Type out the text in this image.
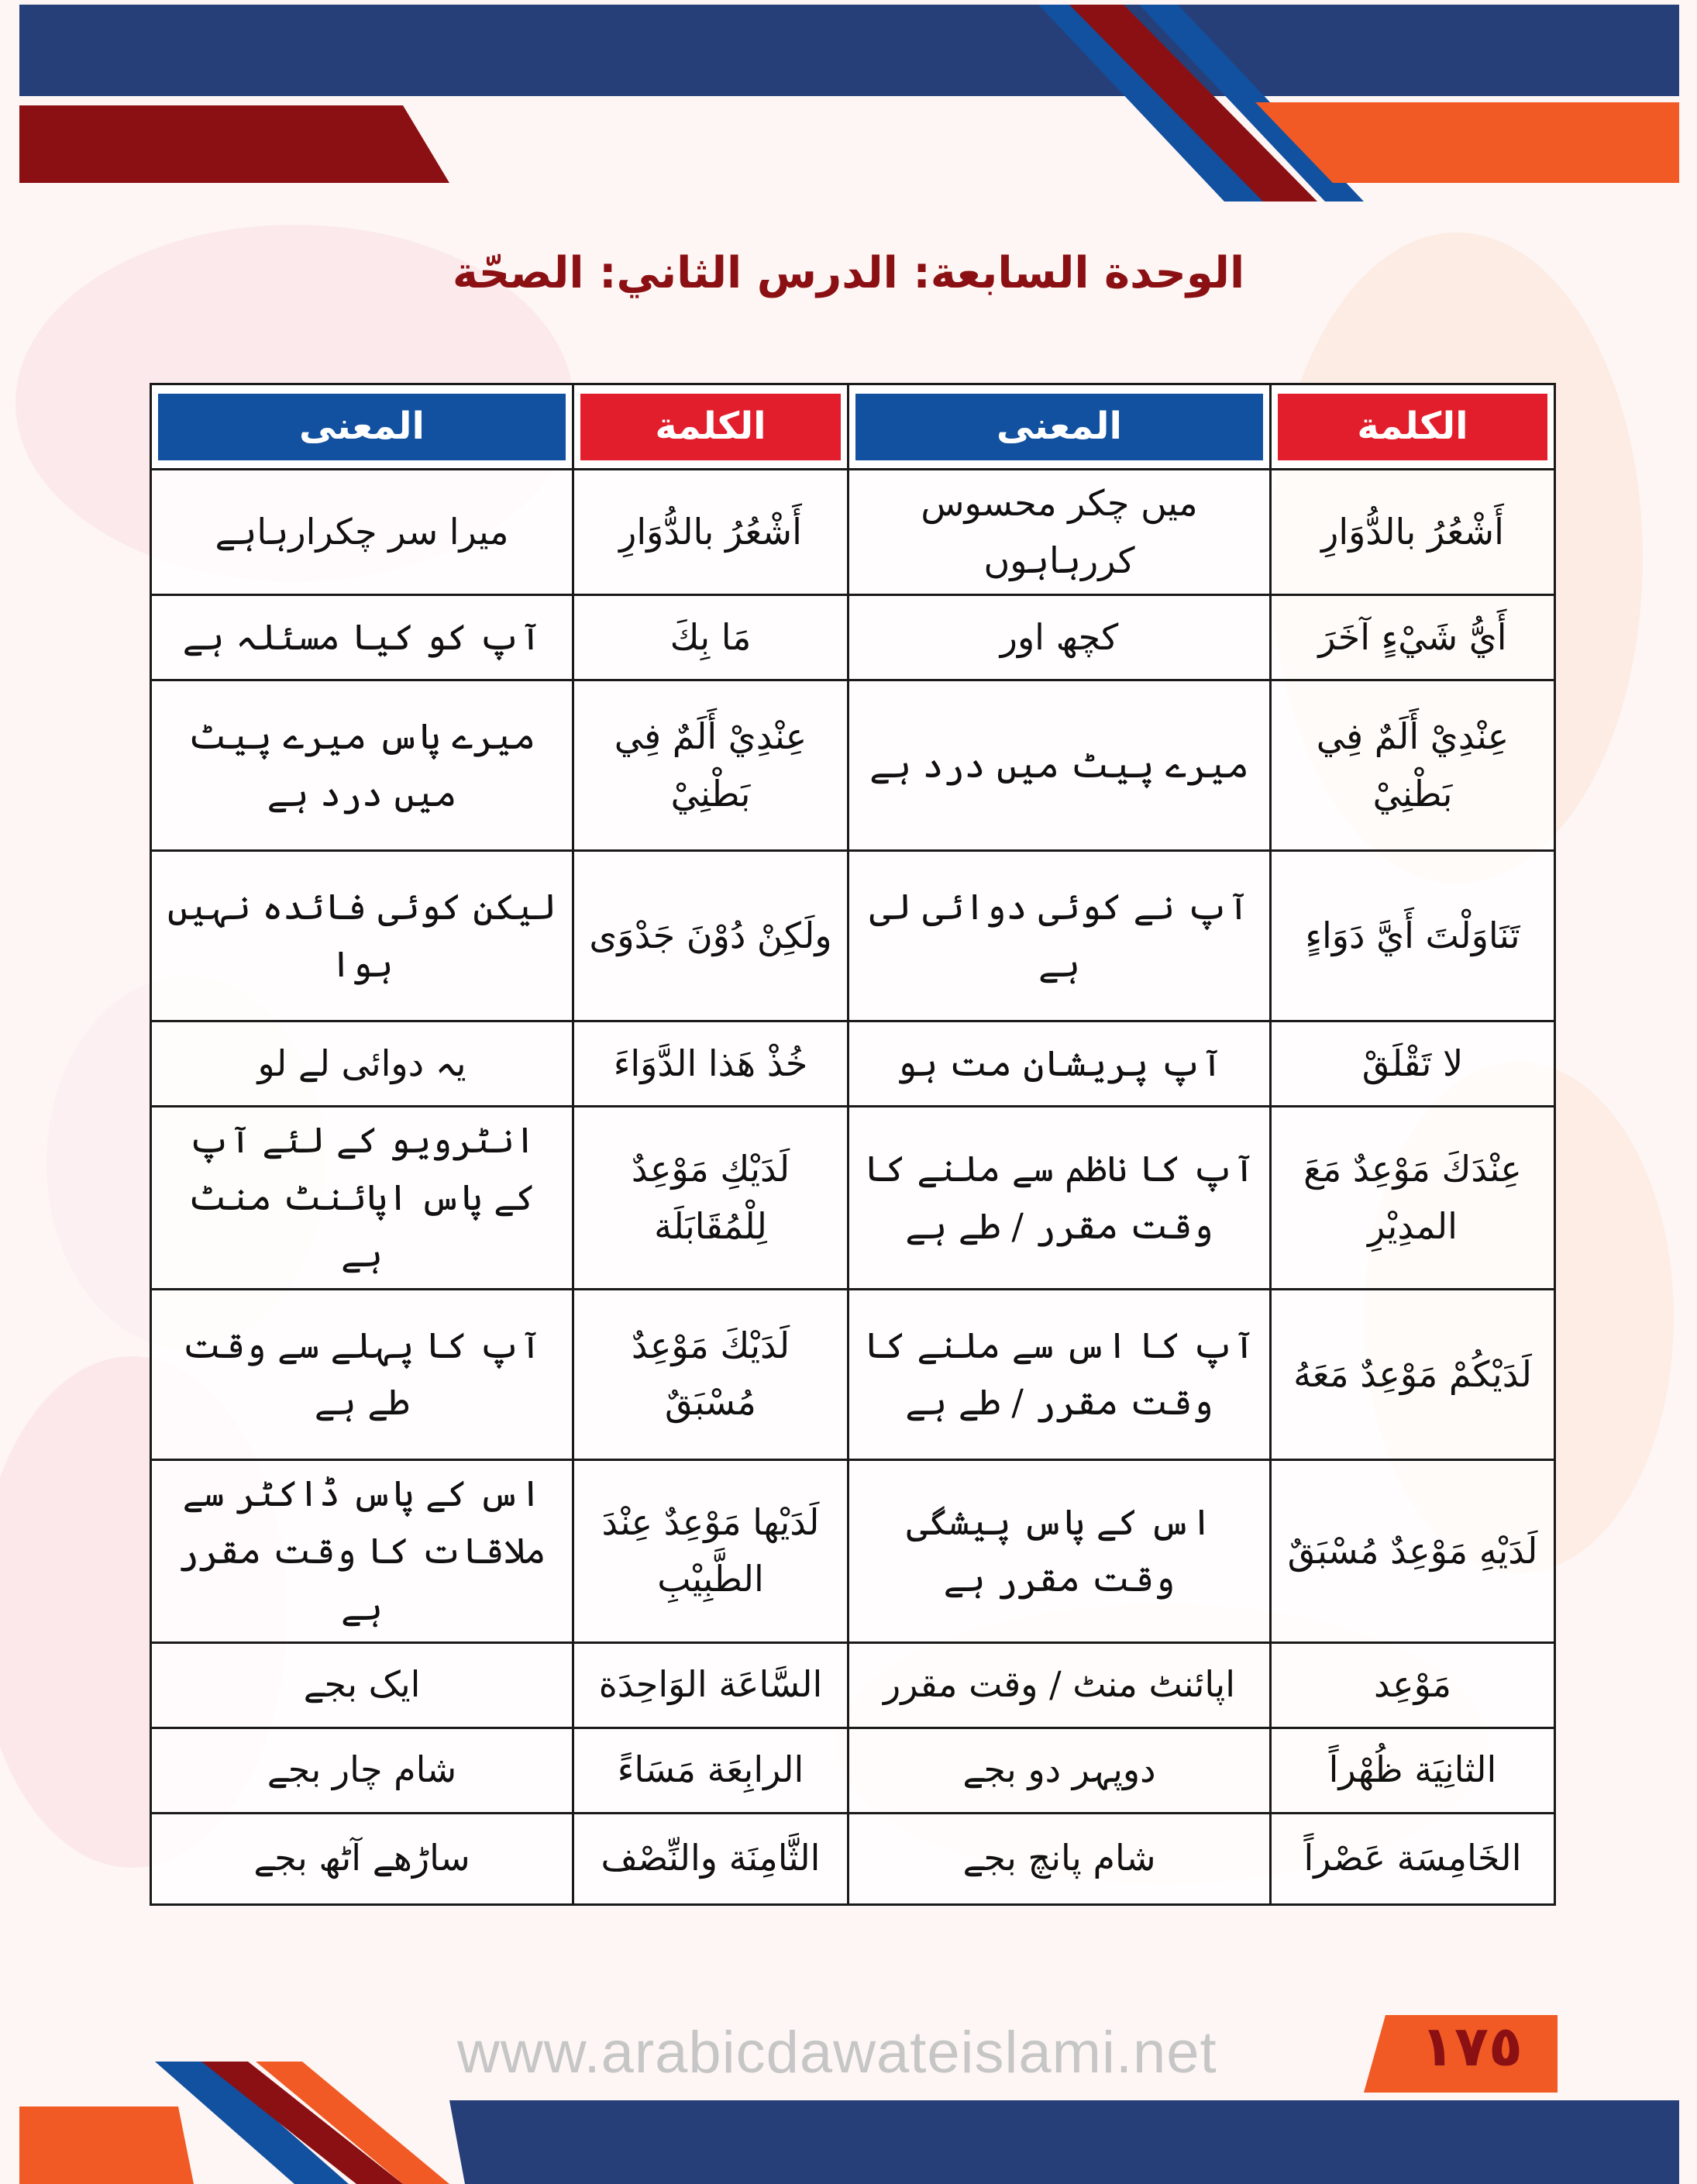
الوحدة السابعة: الدرس الثاني: الصحّة
المعنى	الكلمة	المعنى	الكلمة

میرا سر چکرارہاہے	أَشْعُرُ بالدُّوَارِ	میں چکر محسوس کررہاہوں	أَشْعُرُ بالدُّوَارِ
آپ کو کیا مسئلہ ہے	مَا بِكَ	کچھ اور	أَيُّ شَيْءٍ آخَرَ
میرے پاس میرے پیٹ میں درد ہے	عِنْدِيْ أَلَمٌ فِي بَطْنِيْ	میرے پیٹ میں درد ہے	عِنْدِيْ أَلَمٌ فِي بَطْنِيْ
لیکن کوئی فائدہ نہیں ہوا	ولَكِنْ دُوْنَ جَدْوَى	آپ نے کوئی دوائی لی ہے	تَنَاوَلْتَ أَيَّ دَوَاءٍ
یہ دوائی لے لو	خُذْ هَذا الدَّوَاءَ	آپ پریشان مت ہو	لا تَقْلَقْ
انٹرویو کے لئے آپ کے پاس اپائنٹ منٹ ہے	لَدَيْكِ مَوْعِدٌ لِلْمُقَابَلَة	آپ کا ناظم سے ملنے کا وقت مقرر / طے ہے	عِنْدَكَ مَوْعِدٌ مَعَ المدِيْرِ
آپ کا پہلے سے وقت طے ہے	لَدَيْكَ مَوْعِدٌ مُسْبَقٌ	آپ کا اس سے ملنے کا وقت مقرر / طے ہے	لَدَيْكُمْ مَوْعِدٌ مَعَهُ
اس کے پاس ڈاکٹر سے ملاقات کا وقت مقرر ہے	لَدَيْها مَوْعِدٌ عِنْدَ الطَّبِيْبِ	اس کے پاس پیشگی وقت مقرر ہے	لَدَيْهِ مَوْعِدٌ مُسْبَقٌ
ایک بجے	السَّاعَة الوَاحِدَة	اپائنٹ منٹ / وقت مقرر	مَوْعِد
شام چار بجے	الرابِعَة مَسَاءً	دوپہر دو بجے	الثانِيَة ظُهْراً
ساڑھے آٹھ بجے	الثَّامِنَة والنِّصْف	شام پانچ بجے	الخَامِسَة عَصْراً
www.arabicdawateislami.net	١٧٥
